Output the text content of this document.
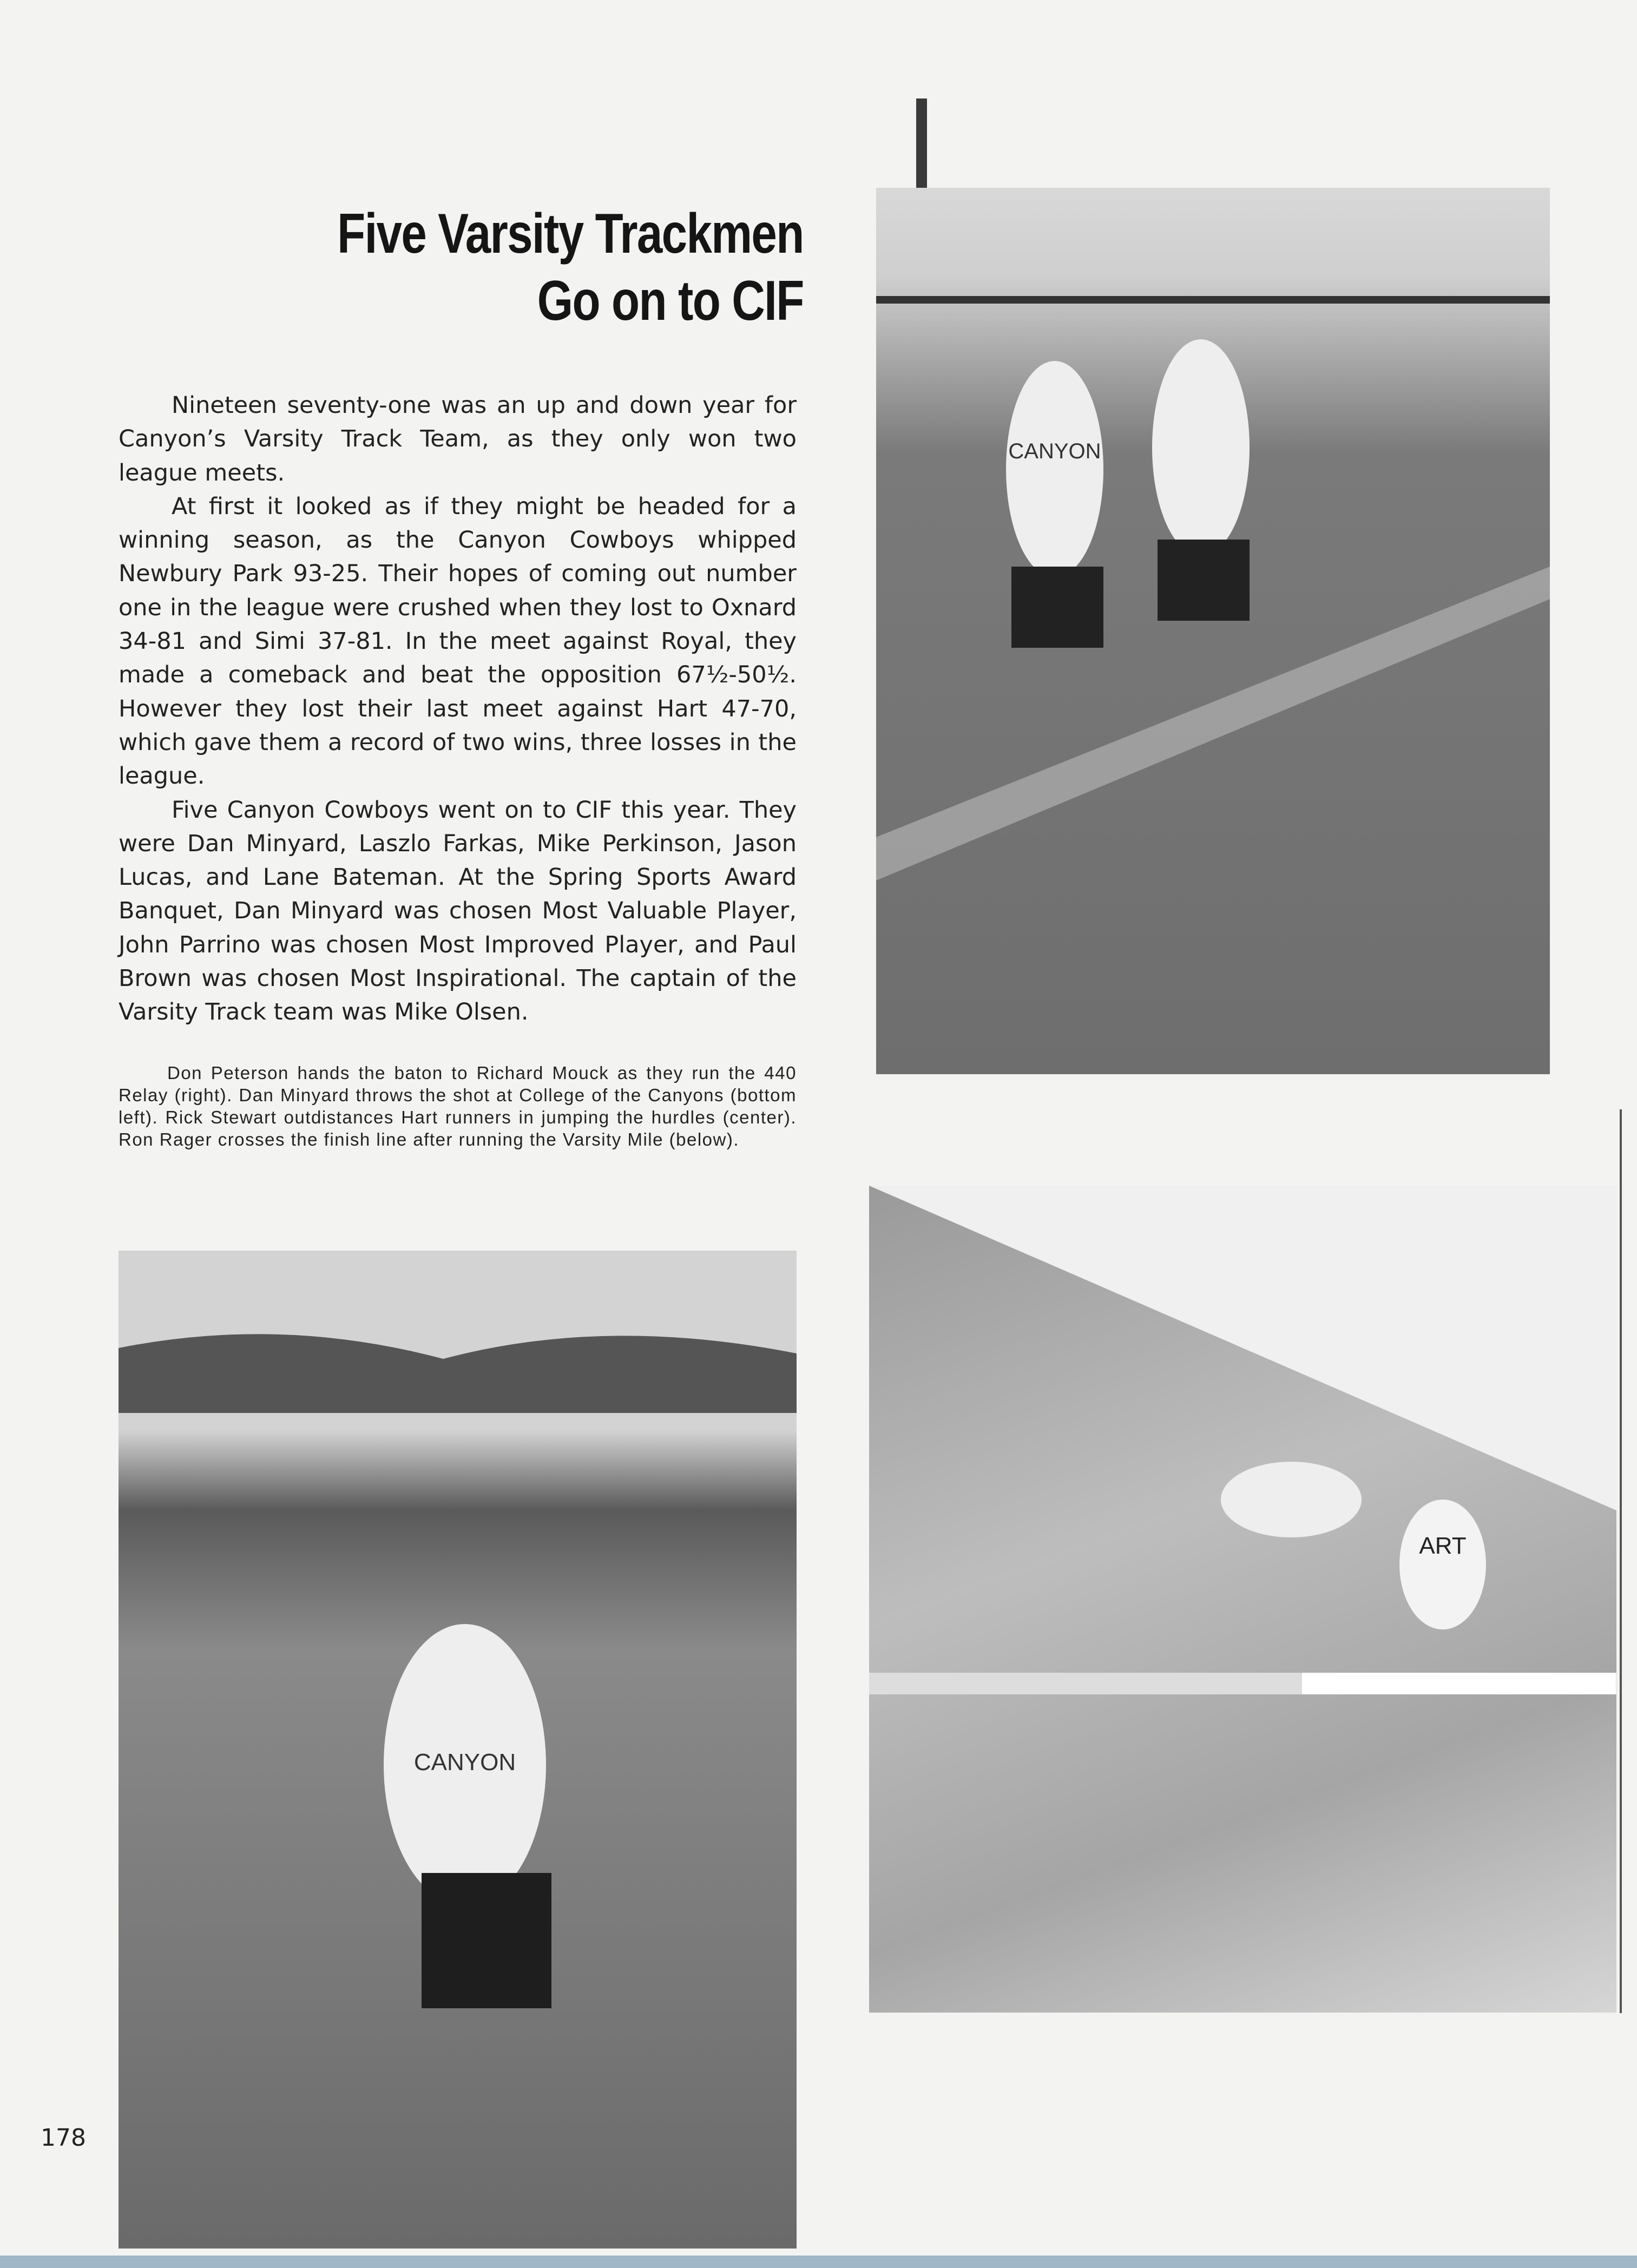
Five Varsity Trackmen
Go on to CIF

Nineteen seventy-one was an up and down year for Canyon’s Varsity Track Team, as they only won two league meets.

At first it looked as if they might be headed for a winning season, as the Canyon Cowboys whipped Newbury Park 93-25. Their hopes of coming out number one in the league were crushed when they lost to Oxnard 34-81 and Simi 37-81. In the meet against Royal, they made a comeback and beat the opposition 67½-50½. However they lost their last meet against Hart 47-70, which gave them a record of two wins, three losses in the league.

Five Canyon Cowboys went on to CIF this year. They were Dan Minyard, Laszlo Farkas, Mike Perkinson, Jason Lucas, and Lane Bateman. At the Spring Sports Award Banquet, Dan Minyard was chosen Most Valuable Player, John Parrino was chosen Most Improved Player, and Paul Brown was chosen Most Inspirational. The captain of the Varsity Track team was Mike Olsen.

Don Peterson hands the baton to Richard Mouck as they run the 440 Relay (right). Dan Minyard throws the shot at College of the Canyons (bottom left). Rick Stewart outdistances Hart runners in jumping the hurdles (center). Ron Rager crosses the finish line after running the Varsity Mile (below).
CANYON
ART
CANYON
178
